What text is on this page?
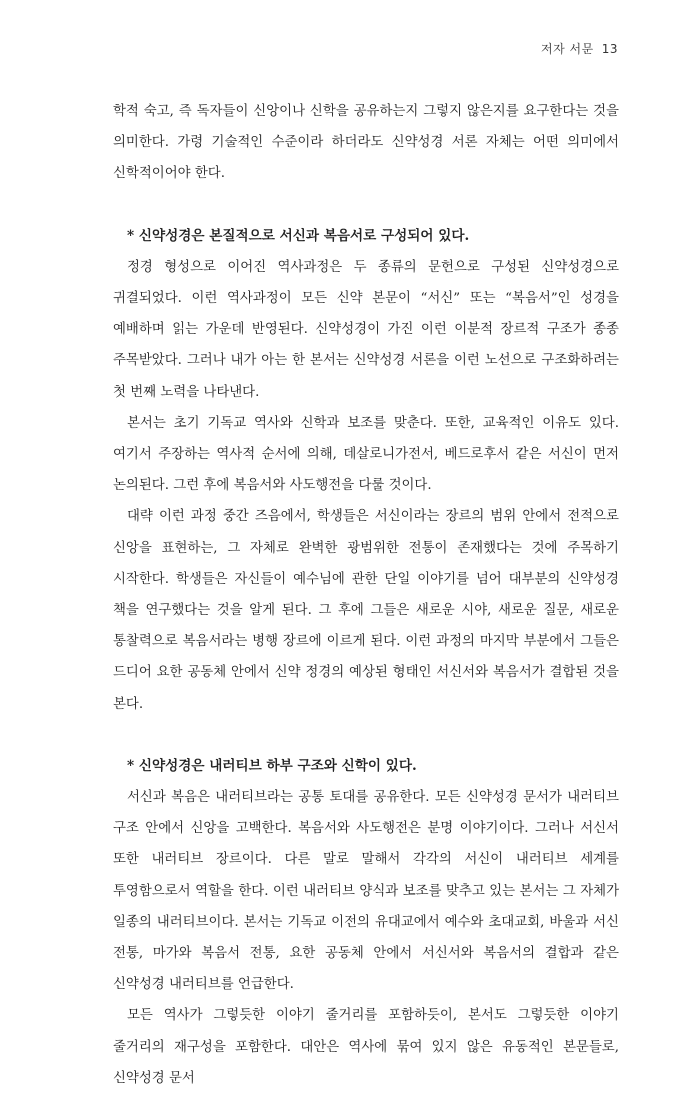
저자 서문 13

학적 숙고, 즉 독자들이 신앙이나 신학을 공유하는지 그렇지 않은지를 요구한다는 것을 의미한다. 가령 기술적인 수준이라 하더라도 신약성경 서론 자체는 어떤 의미에서 신학적이어야 한다.

* 신약성경은 본질적으로 서신과 복음서로 구성되어 있다.

정경 형성으로 이어진 역사과정은 두 종류의 문헌으로 구성된 신약성경으로 귀결되었다. 이런 역사과정이 모든 신약 본문이 “서신” 또는 “복음서”인 성경을 예배하며 읽는 가운데 반영된다. 신약성경이 가진 이런 이분적 장르적 구조가 종종 주목받았다. 그러나 내가 아는 한 본서는 신약성경 서론을 이런 노선으로 구조화하려는 첫 번째 노력을 나타낸다.

본서는 초기 기독교 역사와 신학과 보조를 맞춘다. 또한, 교육적인 이유도 있다. 여기서 주장하는 역사적 순서에 의해, 데살로니가전서, 베드로후서 같은 서신이 먼저 논의된다. 그런 후에 복음서와 사도행전을 다룰 것이다.

대략 이런 과정 중간 즈음에서, 학생들은 서신이라는 장르의 범위 안에서 전적으로 신앙을 표현하는, 그 자체로 완벽한 광범위한 전통이 존재했다는 것에 주목하기 시작한다. 학생들은 자신들이 예수님에 관한 단일 이야기를 넘어 대부분의 신약성경 책을 연구했다는 것을 알게 된다. 그 후에 그들은 새로운 시야, 새로운 질문, 새로운 통찰력으로 복음서라는 병행 장르에 이르게 된다. 이런 과정의 마지막 부분에서 그들은 드디어 요한 공동체 안에서 신약 정경의 예상된 형태인 서신서와 복음서가 결합된 것을 본다.

* 신약성경은 내러티브 하부 구조와 신학이 있다.

서신과 복음은 내러티브라는 공통 토대를 공유한다. 모든 신약성경 문서가 내러티브 구조 안에서 신앙을 고백한다. 복음서와 사도행전은 분명 이야기이다. 그러나 서신서 또한 내러티브 장르이다. 다른 말로 말해서 각각의 서신이 내러티브 세계를 투영함으로서 역할을 한다. 이런 내러티브 양식과 보조를 맞추고 있는 본서는 그 자체가 일종의 내러티브이다. 본서는 기독교 이전의 유대교에서 예수와 초대교회, 바울과 서신 전통, 마가와 복음서 전통, 요한 공동체 안에서 서신서와 복음서의 결합과 같은 신약성경 내러티브를 언급한다.

모든 역사가 그렇듯한 이야기 줄거리를 포함하듯이, 본서도 그렇듯한 이야기 줄거리의 재구성을 포함한다. 대안은 역사에 묶여 있지 않은 유동적인 본문들로, 신약성경 문서
